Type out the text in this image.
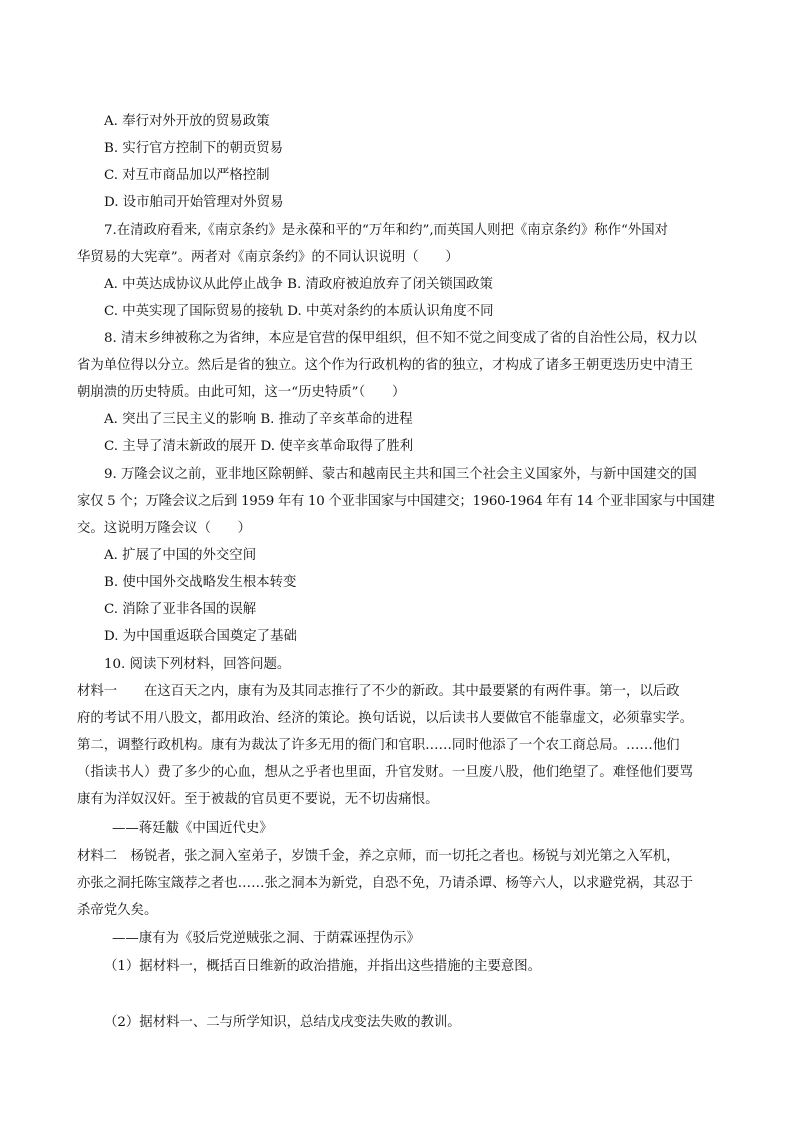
A. 奉行对外开放的贸易政策
B. 实行官方控制下的朝贡贸易
C. 对互市商品加以严格控制
D. 设市舶司开始管理对外贸易
7.在清政府看来,《南京条约》是永葆和平的“万年和约”,而英国人则把《南京条约》称作“外国对
华贸易的大宪章”。两者对《南京条约》的不同认识说明（　　）
A. 中英达成协议从此停止战争 B. 清政府被迫放弃了闭关锁国政策
C. 中英实现了国际贸易的接轨 D. 中英对条约的本质认识角度不同
8. 清末乡绅被称之为省绅，本应是官营的保甲组织，但不知不觉之间变成了省的自治性公局，权力以
省为单位得以分立。然后是省的独立。这个作为行政机构的省的独立，才构成了诸多王朝更迭历史中清王
朝崩溃的历史特质。由此可知，这一“历史特质”（　　）
A. 突出了三民主义的影响 B. 推动了辛亥革命的进程
C. 主导了清末新政的展开 D. 使辛亥革命取得了胜利
9. 万隆会议之前，亚非地区除朝鲜、蒙古和越南民主共和国三个社会主义国家外，与新中国建交的国
家仅 5 个；万隆会议之后到 1959 年有 10 个亚非国家与中国建交；1960-1964 年有 14 个亚非国家与中国建
交。这说明万隆会议（　　）
A. 扩展了中国的外交空间
B. 使中国外交战略发生根本转变
C. 消除了亚非各国的误解
D. 为中国重返联合国奠定了基础
10. 阅读下列材料，回答问题。
材料一　　在这百天之内，康有为及其同志推行了不少的新政。其中最要紧的有两件事。第一，以后政
府的考试不用八股文，都用政治、经济的策论。换句话说，以后读书人要做官不能靠虚文，必须靠实学。
第二，调整行政机构。康有为裁汰了许多无用的衙门和官职……同时他添了一个农工商总局。……他们
（指读书人）费了多少的心血，想从之乎者也里面，升官发财。一旦废八股，他们绝望了。难怪他们要骂
康有为洋奴汉奸。至于被裁的官员更不要说，无不切齿痛恨。
——蒋廷黻《中国近代史》
材料二　杨锐者，张之洞入室弟子，岁馈千金，养之京师，而一切托之者也。杨锐与刘光第之入军机，
亦张之洞托陈宝箴荐之者也……张之洞本为新党，自恐不免，乃请杀谭、杨等六人，以求避党祸，其忍于
杀帝党久矣。
——康有为《驳后党逆贼张之洞、于荫霖诬捏伪示》
（1）据材料一，概括百日维新的政治措施，并指出这些措施的主要意图。
（2）据材料一、二与所学知识，总结戊戌变法失败的教训。
